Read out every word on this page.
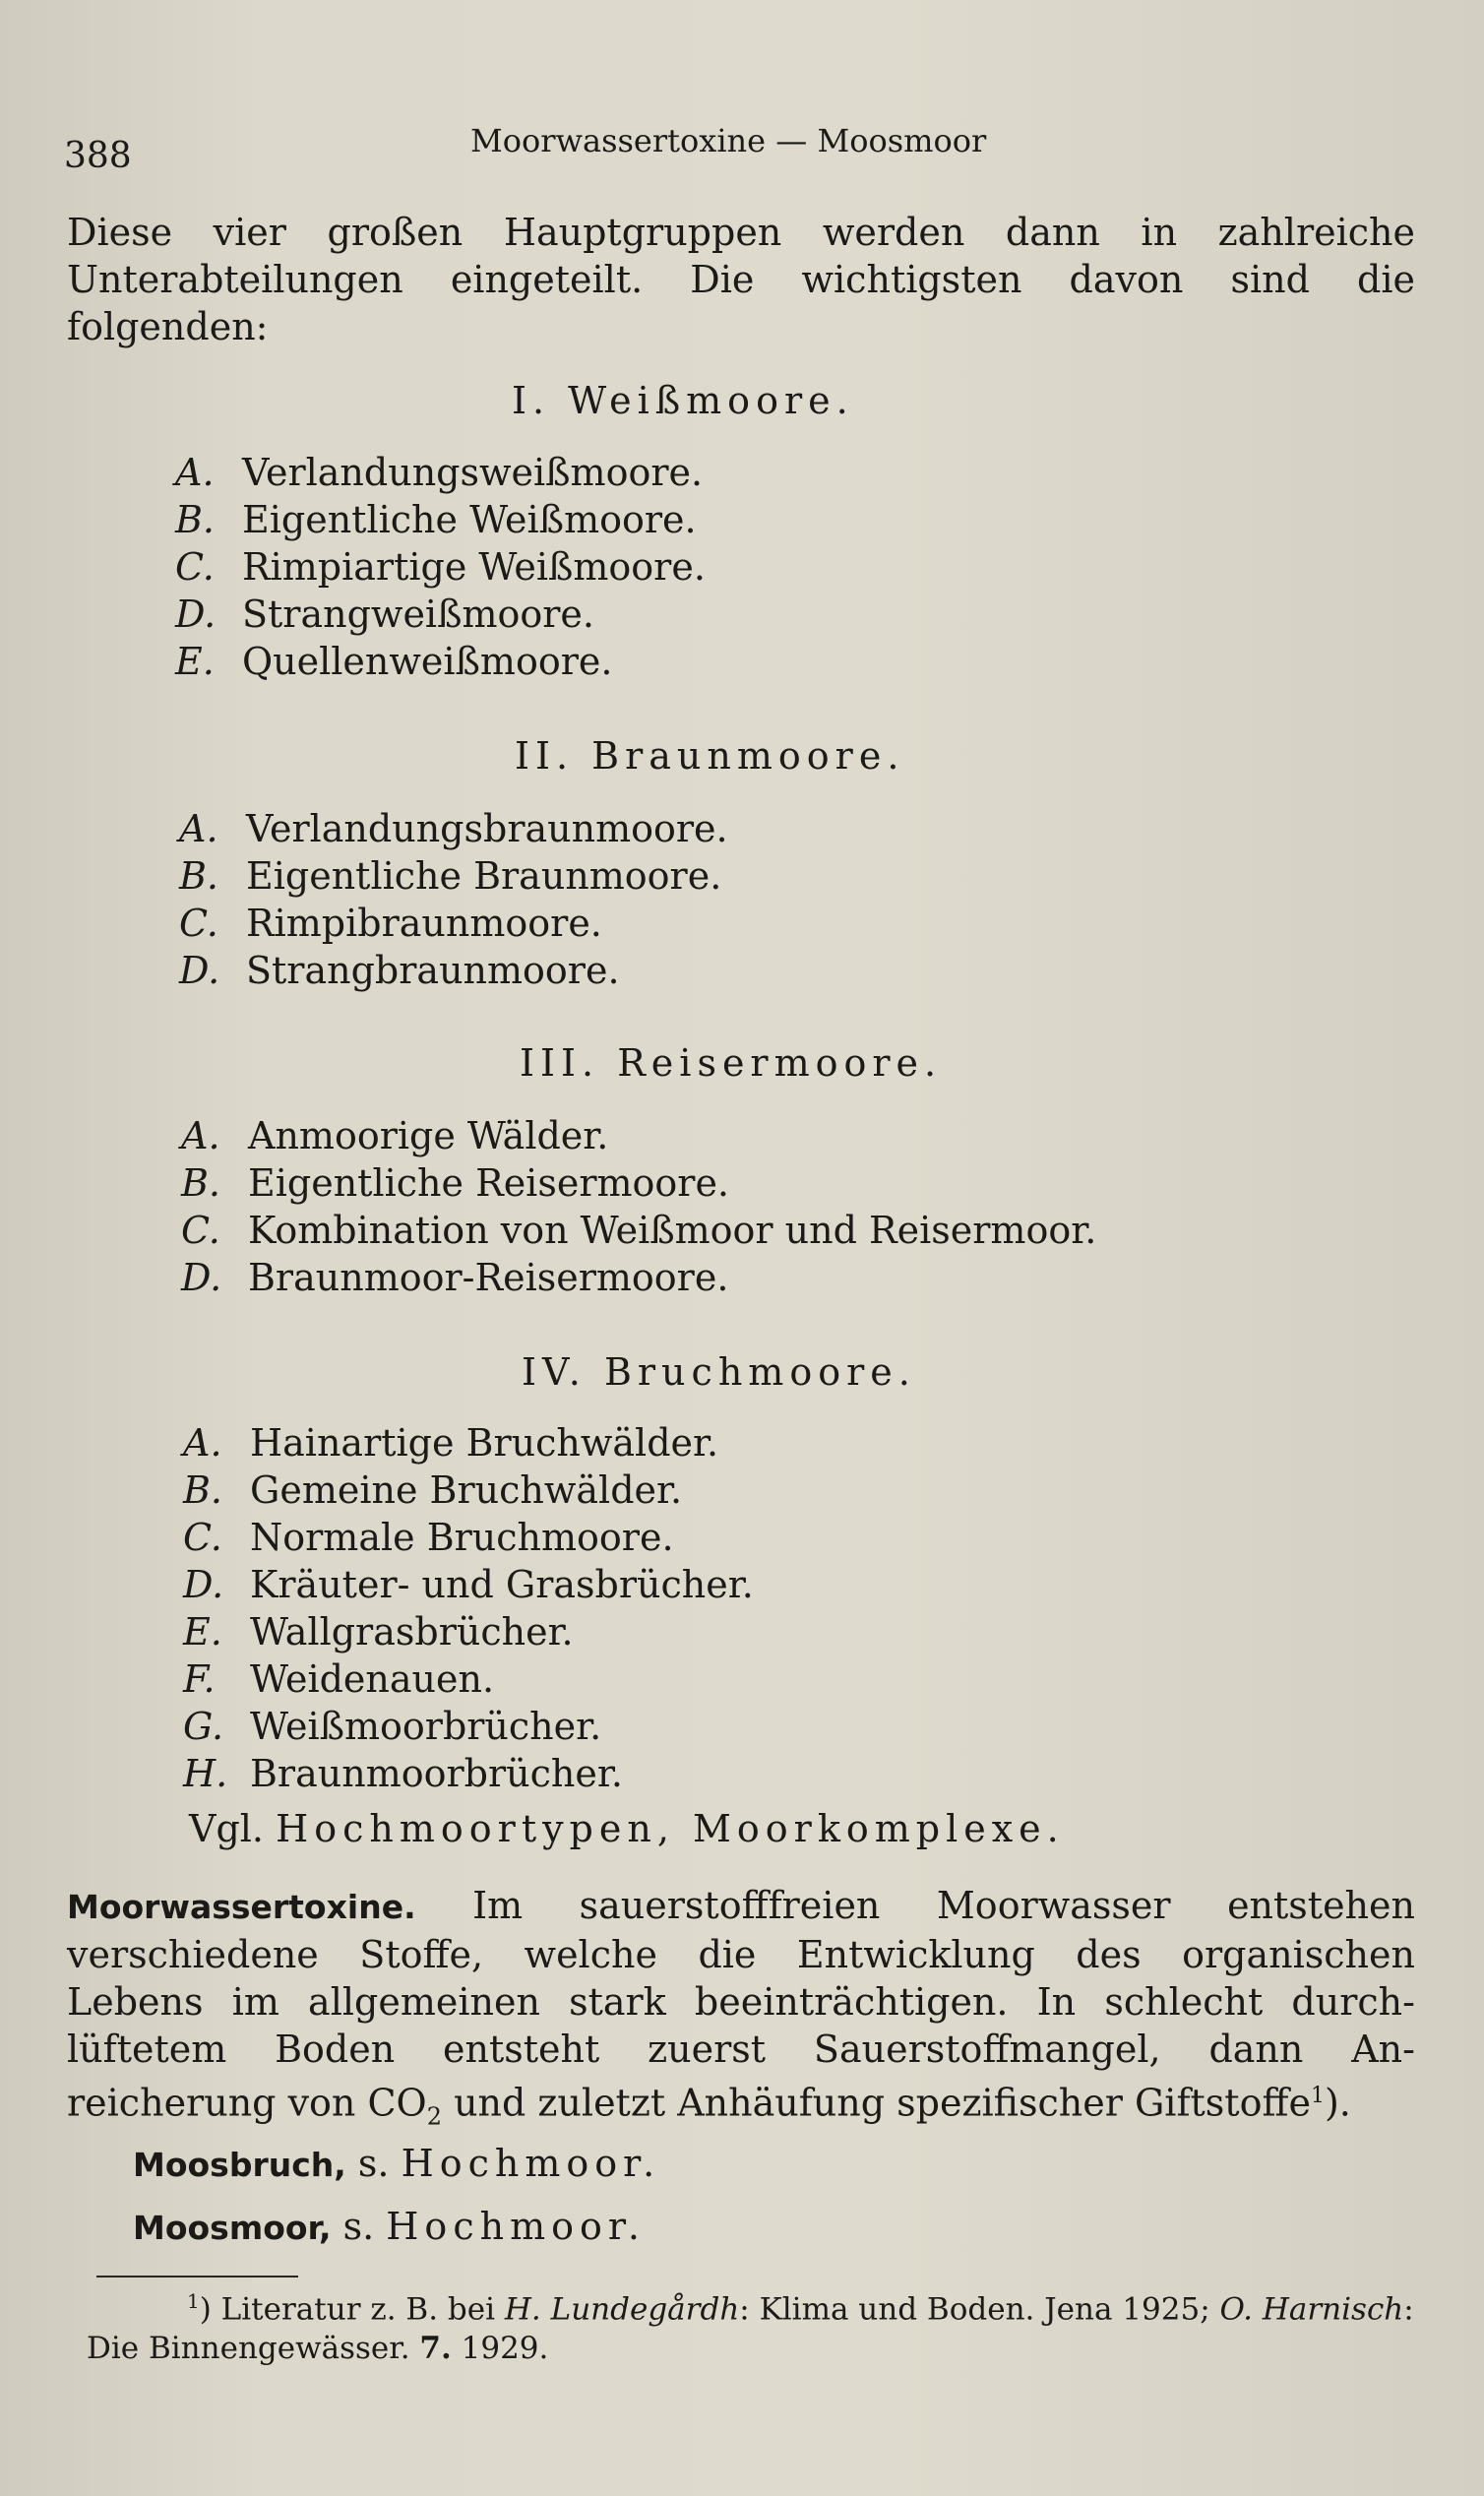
388	Moorwassertoxine — Moosmoor
Diese vier großen Hauptgruppen werden dann in zahlreiche
Unterabteilungen eingeteilt. Die wichtigsten davon sind die
folgenden:
I. Weißmoore.
A. Verlandungsweißmoore.
B. Eigentliche Weißmoore.
C. Rimpiartige Weißmoore.
D. Strangweißmoore.
E. Quellenweißmoore.
II. Braunmoore.
A. Verlandungsbraunmoore.
B. Eigentliche Braunmoore.
C. Rimpibraunmoore.
D. Strangbraunmoore.
III. Reisermoore.
A. Anmoorige Wälder.
B. Eigentliche Reisermoore.
C. Kombination von Weißmoor und Reisermoor.
D. Braunmoor-Reisermoore.
IV. Bruchmoore.
A. Hainartige Bruchwälder.
B. Gemeine Bruchwälder.
C. Normale Bruchmoore.
D. Kräuter- und Grasbrücher.
E. Wallgrasbrücher.
F. Weidenauen.
G. Weißmoorbrücher.
H. Braunmoorbrücher.
Vgl. Hochmoortypen, Moorkomplexe.
Moorwassertoxine. Im sauerstofffreien Moorwasser entstehen
verschiedene Stoffe, welche die Entwicklung des organischen
Lebens im allgemeinen stark beeinträchtigen. In schlecht durch-
lüftetem Boden entsteht zuerst Sauerstoffmangel, dann An-
reicherung von $CO_2$ und zuletzt Anhäufung spezifischer Giftstoffe$^1$).
Moosbruch, s. Hochmoor.
Moosmoor, s. Hochmoor.
$^1$) Literatur z. B. bei H. Lundegårdh: Klima und Boden. Jena 1925; O. Harnisch:
Die Binnengewässer. 7. 1929.
